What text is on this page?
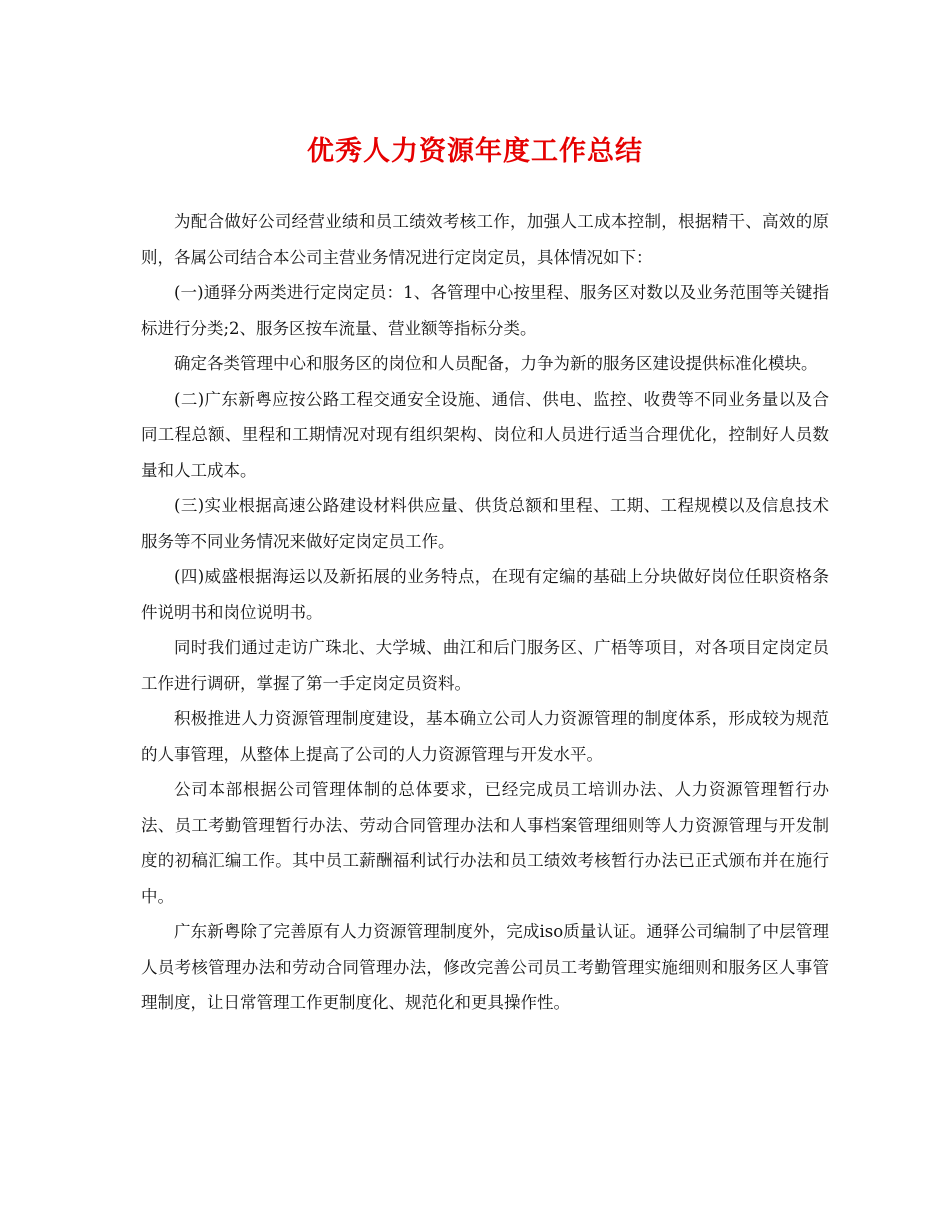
优秀人力资源年度工作总结

为配合做好公司经营业绩和员工绩效考核工作，加强人工成本控制，根据精干、高效的原则，各属公司结合本公司主营业务情况进行定岗定员，具体情况如下：

(一)通驿分两类进行定岗定员：1、各管理中心按里程、服务区对数以及业务范围等关键指标进行分类;2、服务区按车流量、营业额等指标分类。

确定各类管理中心和服务区的岗位和人员配备，力争为新的服务区建设提供标准化模块。

(二)广东新粤应按公路工程交通安全设施、通信、供电、监控、收费等不同业务量以及合同工程总额、里程和工期情况对现有组织架构、岗位和人员进行适当合理优化，控制好人员数量和人工成本。

(三)实业根据高速公路建设材料供应量、供货总额和里程、工期、工程规模以及信息技术服务等不同业务情况来做好定岗定员工作。

(四)威盛根据海运以及新拓展的业务特点，在现有定编的基础上分块做好岗位任职资格条件说明书和岗位说明书。

同时我们通过走访广珠北、大学城、曲江和后门服务区、广梧等项目，对各项目定岗定员工作进行调研，掌握了第一手定岗定员资料。

积极推进人力资源管理制度建设，基本确立公司人力资源管理的制度体系，形成较为规范的人事管理，从整体上提高了公司的人力资源管理与开发水平。

公司本部根据公司管理体制的总体要求，已经完成员工培训办法、人力资源管理暂行办法、员工考勤管理暂行办法、劳动合同管理办法和人事档案管理细则等人力资源管理与开发制度的初稿汇编工作。其中员工薪酬福利试行办法和员工绩效考核暂行办法已正式颁布并在施行中。

广东新粤除了完善原有人力资源管理制度外，完成iso质量认证。通驿公司编制了中层管理人员考核管理办法和劳动合同管理办法，修改完善公司员工考勤管理实施细则和服务区人事管理制度，让日常管理工作更制度化、规范化和更具操作性。
